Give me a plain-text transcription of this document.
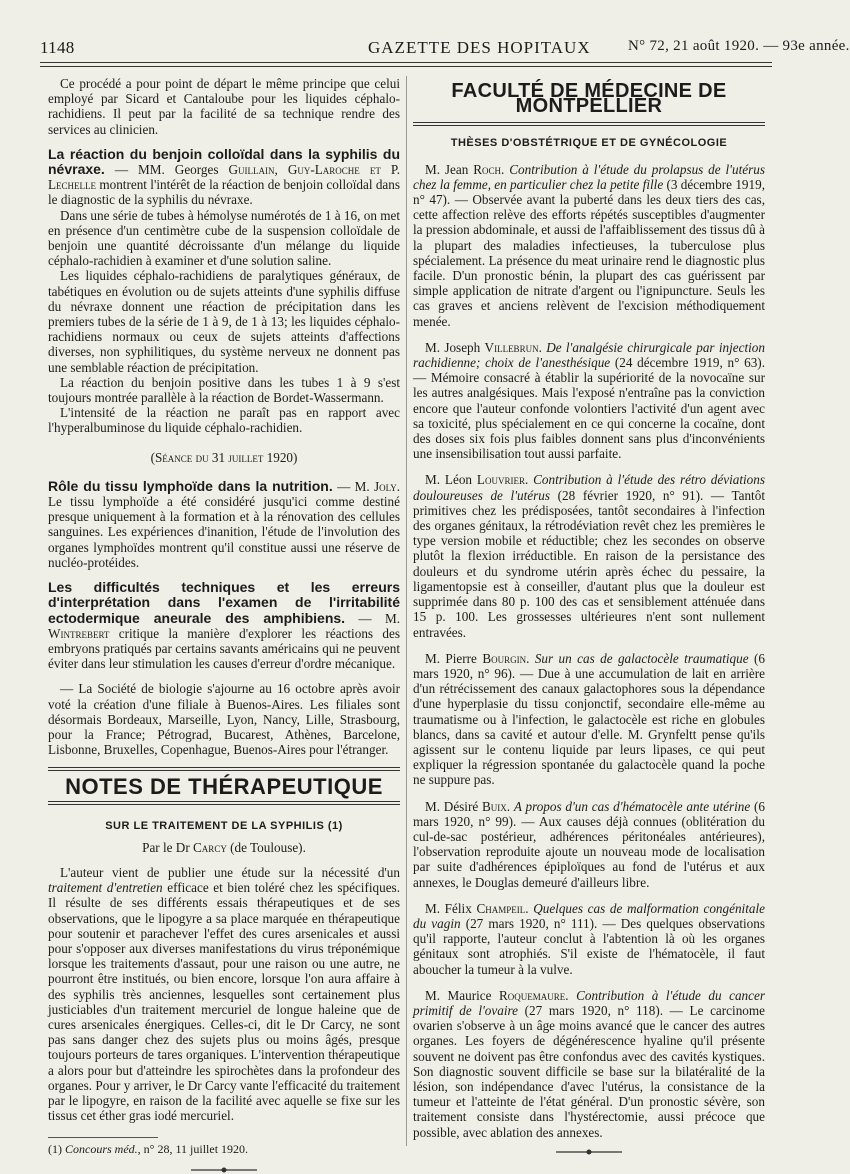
1148	GAZETTE DES HOPITAUX N° 72, 21 août 1920. — 93e année.

Ce procédé a pour point de départ le même principe que celui employé par Sicard et Cantaloube pour les liquides céphalo-rachidiens. Il peut par la facilité de sa technique rendre des services au clinicien.

La réaction du benjoin colloïdal dans la syphilis du névraxe. — MM. Georges Guillain, Guy-Laroche et P. Lechelle montrent l'intérêt de la réaction de benjoin colloïdal dans le diagnostic de la syphilis du névraxe.

Dans une série de tubes à hémolyse numérotés de 1 à 16, on met en présence d'un centimètre cube de la suspension colloïdale de benjoin une quantité décroissante d'un mélange du liquide céphalo-rachidien à examiner et d'une solution saline.

Les liquides céphalo-rachidiens de paralytiques généraux, de tabétiques en évolution ou de sujets atteints d'une syphilis diffuse du névraxe donnent une réaction de précipitation dans les premiers tubes de la série de 1 à 9, de 1 à 13; les liquides céphalo-rachidiens normaux ou ceux de sujets atteints d'affections diverses, non syphilitiques, du système nerveux ne donnent pas une semblable réaction de précipitation.

La réaction du benjoin positive dans les tubes 1 à 9 s'est toujours montrée parallèle à la réaction de Bordet-Wassermann.

L'intensité de la réaction ne paraît pas en rapport avec l'hyperalbuminose du liquide céphalo-rachidien.

(Séance du 31 juillet 1920)

Rôle du tissu lymphoïde dans la nutrition. — M. Joly. Le tissu lymphoïde a été considéré jusqu'ici comme destiné presque uniquement à la formation et à la rénovation des cellules sanguines. Les expériences d'inanition, l'étude de l'involution des organes lymphoïdes montrent qu'il constitue aussi une réserve de nucléo-protéides.

Les difficultés techniques et les erreurs d'interprétation dans l'examen de l'irritabilité ectodermique aneurale des amphibiens. — M. Wintrebert critique la manière d'explorer les réactions des embryons pratiqués par certains savants américains qui ne peuvent éviter dans leur stimulation les causes d'erreur d'ordre mécanique.

— La Société de biologie s'ajourne au 16 octobre après avoir voté la création d'une filiale à Buenos-Aires. Les filiales sont désormais Bordeaux, Marseille, Lyon, Nancy, Lille, Strasbourg, pour la France; Pétrograd, Bucarest, Athènes, Barcelone, Lisbonne, Bruxelles, Copenhague, Buenos-Aires pour l'étranger.

NOTES DE THÉRAPEUTIQUE

SUR LE TRAITEMENT DE LA SYPHILIS (1)

Par le Dr Carcy (de Toulouse).

L'auteur vient de publier une étude sur la nécessité d'un traitement d'entretien efficace et bien toléré chez les spécifiques. Il résulte de ses différents essais thérapeutiques et de ses observations, que le lipogyre a sa place marquée en thérapeutique pour soutenir et parachever l'effet des cures arsenicales et aussi pour s'opposer aux diverses manifestations du virus tréponémique lorsque les traitements d'assaut, pour une raison ou une autre, ne pourront être institués, ou bien encore, lorsque l'on aura affaire à des syphilis très anciennes, lesquelles sont certainement plus justiciables d'un traitement mercuriel de longue haleine que de cures arsenicales énergiques. Celles-ci, dit le Dr Carcy, ne sont pas sans danger chez des sujets plus ou moins âgés, presque toujours porteurs de tares organiques. L'intervention thérapeutique a alors pour but d'atteindre les spirochètes dans la profondeur des organes. Pour y arriver, le Dr Carcy vante l'efficacité du traitement par le lipogyre, en raison de la facilité avec aquelle se fixe sur les tissus cet éther gras iodé mercuriel.

(1) Concours méd., n° 28, 11 juillet 1920.

FACULTÉ DE MÉDECINE DE MONTPELLIER

THÈSES D'OBSTÉTRIQUE ET DE GYNÉCOLOGIE

M. Jean Roch. Contribution à l'étude du prolapsus de l'utérus chez la femme, en particulier chez la petite fille (3 décembre 1919, n° 47). — Observée avant la puberté dans les deux tiers des cas, cette affection relève des efforts répétés susceptibles d'augmenter la pression abdominale, et aussi de l'affaiblissement des tissus dû à la plupart des maladies infectieuses, la tuberculose plus spécialement. La présence du meat urinaire rend le diagnostic plus facile. D'un pronostic bénin, la plupart des cas guérissent par simple application de nitrate d'argent ou l'ignipuncture. Seuls les cas graves et anciens relèvent de l'excision méthodiquement menée.

M. Joseph Villebrun. De l'analgésie chirurgicale par injection rachidienne; choix de l'anesthésique (24 décembre 1919, n° 63). — Mémoire consacré à établir la supériorité de la novocaïne sur les autres analgésiques. Mais l'exposé n'entraîne pas la conviction encore que l'auteur confonde volontiers l'activité d'un agent avec sa toxicité, plus spécialement en ce qui concerne la cocaïne, dont des doses six fois plus faibles donnent sans plus d'inconvénients une insensibilisation tout aussi parfaite.

M. Léon Louvrier. Contribution à l'étude des rétro déviations douloureuses de l'utérus (28 février 1920, n° 91). — Tantôt primitives chez les prédisposées, tantôt secondaires à l'infection des organes génitaux, la rétrodéviation revêt chez les premières le type version mobile et réductible; chez les secondes on observe plutôt la flexion irréductible. En raison de la persistance des douleurs et du syndrome utérin après échec du pessaire, la ligamentopsie est à conseiller, d'autant plus que la douleur est supprimée dans 80 p. 100 des cas et sensiblement atténuée dans 15 p. 100. Les grossesses ultérieures n'ent sont nullement entravées.

M. Pierre Bourgin. Sur un cas de galactocèle traumatique (6 mars 1920, n° 96). — Due à une accumulation de lait en arrière d'un rétrécissement des canaux galactophores sous la dépendance d'une hyperplasie du tissu conjonctif, secondaire elle-même au traumatisme ou à l'infection, le galactocèle est riche en globules blancs, dans sa cavité et autour d'elle. M. Grynfeltt pense qu'ils agissent sur le contenu liquide par leurs lipases, ce qui peut expliquer la régression spontanée du galactocèle quand la poche ne suppure pas.

M. Désiré Buix. A propos d'un cas d'hématocèle ante utérine (6 mars 1920, n° 99). — Aux causes déjà connues (oblitération du cul-de-sac postérieur, adhérences péritonéales antérieures), l'observation reproduite ajoute un nouveau mode de localisation par suite d'adhérences épiploïques au fond de l'utérus et aux annexes, le Douglas demeuré d'ailleurs libre.

M. Félix Champeil. Quelques cas de malformation congénitale du vagin (27 mars 1920, n° 111). — Des quelques observations qu'il rapporte, l'auteur conclut à l'abtention là où les organes génitaux sont atrophiés. S'il existe de l'hématocèle, il faut aboucher la tumeur à la vulve.

M. Maurice Roquemaure. Contribution à l'étude du cancer primitif de l'ovaire (27 mars 1920, n° 118). — Le carcinome ovarien s'observe à un âge moins avancé que le cancer des autres organes. Les foyers de dégénérescence hyaline qu'il présente souvent ne doivent pas être confondus avec des cavités kystiques. Son diagnostic souvent difficile se base sur la bilatéralité de la lésion, son indépendance d'avec l'utérus, la consistance de la tumeur et l'atteinte de l'état général. D'un pronostic sévère, son traitement consiste dans l'hystérectomie, aussi précoce que possible, avec ablation des annexes.
